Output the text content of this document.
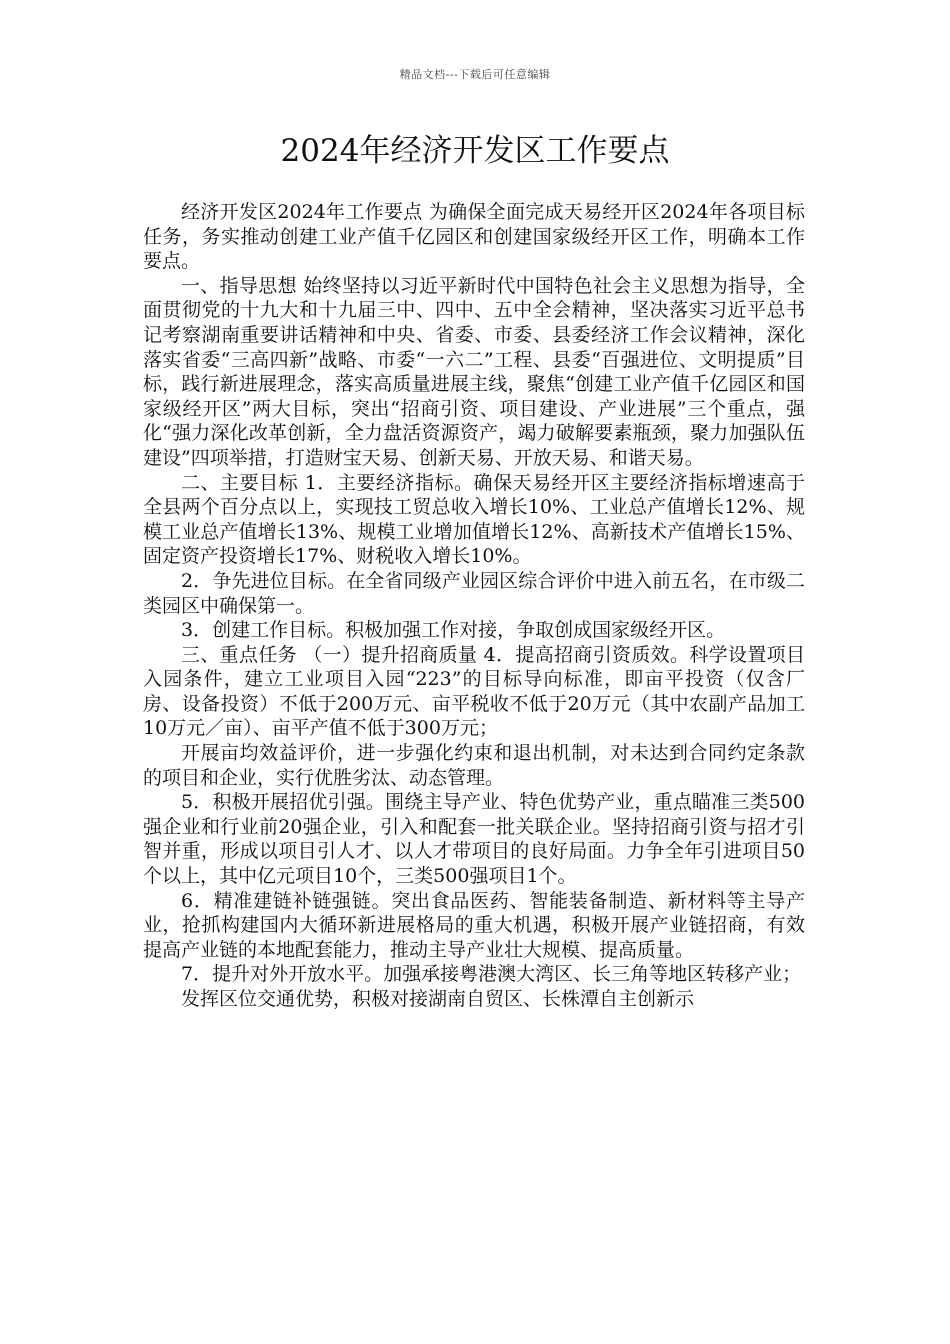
精品文档---下载后可任意编辑
2024年经济开发区工作要点

经济开发区2024年工作要点 为确保全面完成天易经开区2024年各项目标任务，务实推动创建工业产值千亿园区和创建国家级经开区工作，明确本工作要点。

一、指导思想 始终坚持以习近平新时代中国特色社会主义思想为指导，全面贯彻党的十九大和十九届三中、四中、五中全会精神，坚决落实习近平总书记考察湖南重要讲话精神和中央、省委、市委、县委经济工作会议精神，深化落实省委“三高四新”战略、市委“一六二”工程、县委“百强进位、文明提质”目标，践行新进展理念，落实高质量进展主线，聚焦“创建工业产值千亿园区和国家级经开区”两大目标，突出“招商引资、项目建设、产业进展”三个重点，强化“强力深化改革创新，全力盘活资源资产，竭力破解要素瓶颈，聚力加强队伍建设”四项举措，打造财宝天易、创新天易、开放天易、和谐天易。

二、主要目标 1．主要经济指标。确保天易经开区主要经济指标增速高于全县两个百分点以上，实现技工贸总收入增长10%、工业总产值增长12%、规模工业总产值增长13%、规模工业增加值增长12%、高新技术产值增长15%、固定资产投资增长17%、财税收入增长10%。

2．争先进位目标。在全省同级产业园区综合评价中进入前五名，在市级二类园区中确保第一。

3．创建工作目标。积极加强工作对接，争取创成国家级经开区。

三、重点任务 （一）提升招商质量 4．提高招商引资质效。科学设置项目入园条件，建立工业项目入园“223”的目标导向标准，即亩平投资（仅含厂房、设备投资）不低于200万元、亩平税收不低于20万元（其中农副产品加工10万元／亩）、亩平产值不低于300万元；

开展亩均效益评价，进一步强化约束和退出机制，对未达到合同约定条款的项目和企业，实行优胜劣汰、动态管理。

5．积极开展招优引强。围绕主导产业、特色优势产业，重点瞄准三类500强企业和行业前20强企业，引入和配套一批关联企业。坚持招商引资与招才引智并重，形成以项目引人才、以人才带项目的良好局面。力争全年引进项目50个以上，其中亿元项目10个，三类500强项目1个。

6．精准建链补链强链。突出食品医药、智能装备制造、新材料等主导产业，抢抓构建国内大循环新进展格局的重大机遇，积极开展产业链招商，有效提高产业链的本地配套能力，推动主导产业壮大规模、提高质量。

7．提升对外开放水平。加强承接粤港澳大湾区、长三角等地区转移产业；

发挥区位交通优势，积极对接湖南自贸区、长株潭自主创新示
